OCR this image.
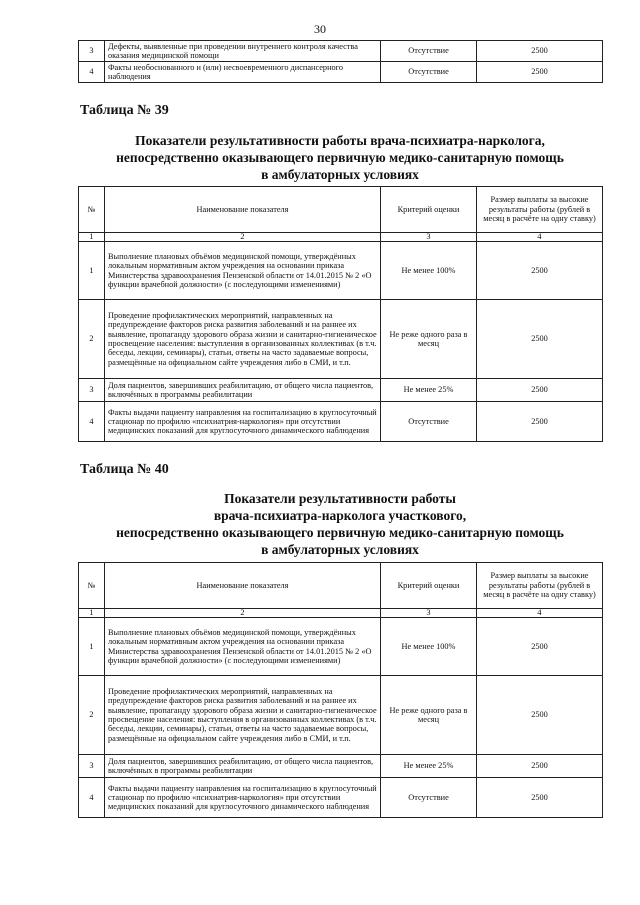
30
3	Дефекты, выявленные при проведении внутреннего контроля качества оказания медицинской помощи	Отсутствие	2500
4	Факты необоснованного и (или) несвоевременного диспансерного наблюдения	Отсутствие	2500
Таблица № 39
Показатели результативности работы врача-психиатра-нарколога,
непосредственно оказывающего первичную медико-санитарную помощь
в амбулаторных условиях
№	Наименование показателя	Критерий оценки	Размер выплаты за высокие результаты работы (рублей в месяц в расчёте на одну ставку)
1	2	3	4
1	Выполнение плановых объёмов медицинской помощи, утверждённых локальным нормативным актом учреждения на основании приказа Министерства здравоохранения Пензенской области от 14.01.2015 № 2 «О функции врачебной должности» (с последующими изменениями)	Не менее 100%	2500
2	Проведение профилактических мероприятий, направленных на предупреждение факторов риска развития заболеваний и на раннее их выявление, пропаганду здорового образа жизни и санитарно-гигиеническое просвещение населения: выступления в организованных коллективах (в т.ч. беседы, лекции, семинары), статьи, ответы на часто задаваемые вопросы, размещённые на официальном сайте учреждения либо в СМИ, и т.п.	Не реже одного раза в месяц	2500
3	Доля пациентов, завершивших реабилитацию, от общего числа пациентов, включённых в программы реабилитации	Не менее 25%	2500
4	Факты выдачи пациенту направления на госпитализацию в круглосуточный стационар по профилю «психиатрия-наркология» при отсутствии медицинских показаний для круглосуточного динамического наблюдения	Отсутствие	2500
Таблица № 40
Показатели результативности работы
врача-психиатра-нарколога участкового,
непосредственно оказывающего первичную медико-санитарную помощь
в амбулаторных условиях
№	Наименование показателя	Критерий оценки	Размер выплаты за высокие результаты работы (рублей в месяц в расчёте на одну ставку)
1	2	3	4
1	Выполнение плановых объёмов медицинской помощи, утверждённых локальным нормативным актом учреждения на основании приказа Министерства здравоохранения Пензенской области от 14.01.2015 № 2 «О функции врачебной должности» (с последующими изменениями)	Не менее 100%	2500
2	Проведение профилактических мероприятий, направленных на предупреждение факторов риска развития заболеваний и на раннее их выявление, пропаганду здорового образа жизни и санитарно-гигиеническое просвещение населения: выступления в организованных коллективах (в т.ч. беседы, лекции, семинары), статьи, ответы на часто задаваемые вопросы, размещённые на официальном сайте учреждения либо в СМИ, и т.п.	Не реже одного раза в месяц	2500
3	Доля пациентов, завершивших реабилитацию, от общего числа пациентов, включённых в программы реабилитации	Не менее 25%	2500
4	Факты выдачи пациенту направления на госпитализацию в круглосуточный стационар по профилю «психиатрия-наркология» при отсутствии медицинских показаний для круглосуточного динамического наблюдения	Отсутствие	2500
